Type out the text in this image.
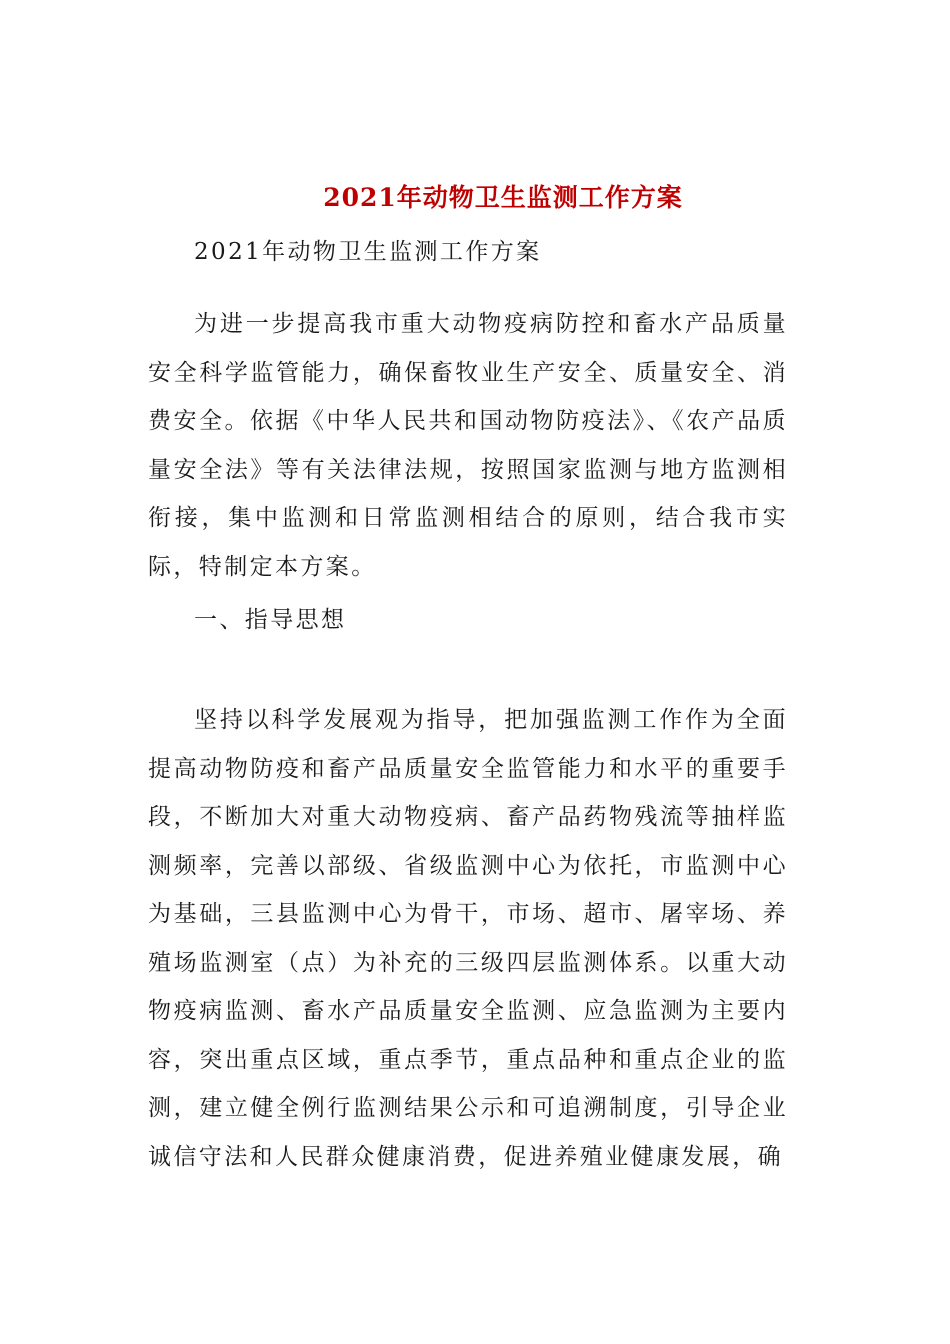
2021年动物卫生监测工作方案

2021年动物卫生监测工作方案

为进一步提高我市重大动物疫病防控和畜水产品质量安全科学监管能力，确保畜牧业生产安全、质量安全、消费安全。依据《中华人民共和国动物防疫法》、《农产品质量安全法》等有关法律法规，按照国家监测与地方监测相衔接，集中监测和日常监测相结合的原则，结合我市实际，特制定本方案。

一、指导思想

坚持以科学发展观为指导，把加强监测工作作为全面提高动物防疫和畜产品质量安全监管能力和水平的重要手段，不断加大对重大动物疫病、畜产品药物残流等抽样监测频率，完善以部级、省级监测中心为依托，市监测中心为基础，三县监测中心为骨干，市场、超市、屠宰场、养殖场监测室（点）为补充的三级四层监测体系。以重大动物疫病监测、畜水产品质量安全监测、应急监测为主要内容，突出重点区域，重点季节，重点品种和重点企业的监测，建立健全例行监测结果公示和可追溯制度，引导企业诚信守法和人民群众健康消费，促进养殖业健康发展，确
